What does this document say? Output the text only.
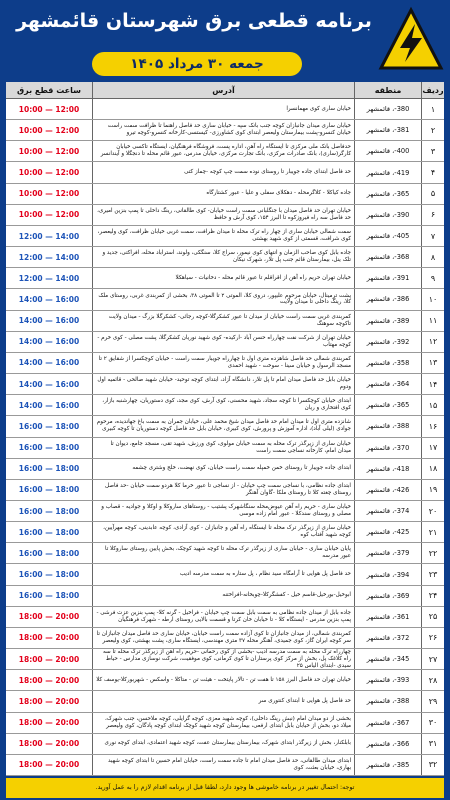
برنامه قطعی برق شهرستان قائمشهر
جمعه ۳۰ مرداد ۱۴۰۵
ردیف
منطقه
آدرس
ساعت قطع برق
۱
380-، قائمشهر
خیابان ساری کوی مهمانسرا
10:00 — 12:00
۲
381-، قائمشهر
خیابان ساری میدان جانبازان کوچه جنب بانک سپه - خیابان ساری حد فاصل راهنما تا ظرافت سمت راست خیابان کنسرو-پشت بیمارستان ولیعصر ابتدای کوی کشاورزی- کیستسی-کارخانه کنسرو-کوچه تیرو
10:00 — 12:00
۳
400-، قائمشهر
حدفاصل بانک ملی مرکزی تا ایستگاه راه آهن، اداره پست، فروشگاه فرهنگیان، ایستگاه تاکسی خیابان کارگر(ساری)، بانک صادرات مرکزی، بانک تجارت مرکزی، خیابان مدرس، عبور قائم محله تا دنجگلا و آیندانسر
10:00 — 12:00
۴
419-، قائمشهر
حد فاصل ابتدای جاده جویبار تا روستای نوده سمت چپ کوچه -چماز کتی
10:00 — 12:00
۵
365-، قائمشهر
جاده کیاکلا - کلاگرمحله - دهکلای سفلی و علیا - عبور کشتارگاه
10:00 — 12:00
۶
390-، قائمشهر
خیابان تهران حد فاصل میدان با جنگلبانی سمت راست خیابان- کوی طالقانی، رینگ داخلی تا پمپ بنزین امیری، حد فاصل سه راه فیروزکوه تا البرز ۱۵۴، کوی آرش و حافظ
10:00 — 12:00
۷
405-، قائمشهر
سمت شمالی خیابان ساری از چهار راه ترک محله تا میدان ظرافت، سمت غربی خیابان ظرافت، کوی ولیعصر، کوی شرافت، قسمتی از کوی شهید بهشتی
12:00 — 14:00
۸
368-، قائمشهر
جاده بابل کوی صاحب الزمان و انتهای کوی نیمور، سراج کلا، سنگکی، ولوند، استراباد محله، افراکتی، جدید و تلک ینل، بیمارستان قائم جنب پل تلار، شهرک نیکان
12:00 — 14:00
۹
391-، قائمشهر
خیابان تهران حریم راه آهن از اقراقلم تا عبور قائم محله - دخانیات - سیاهکلا
12:00 — 14:00
۱۰
386-، قائمشهر
پشت ترمینال، خیابان مرحوم علیپور، دروی کلا، الموتی ۲ تا الموتی ۳۸، بخشی از کمربندی غربی، روستای ملک کلا، رینگ داخلی تا میدان ولایت
14:00 — 16:00
۱۱
389-، قائمشهر
کمربندی غربی سمت راست خیابان از میدان تا عبور کشکرگلا-کوچه رجائی- کشکرگلا بزرگ - میدان ولایت تاکوچه سوهنگ
14:00 — 16:00
۱۲
392-، قائمشهر
خیابان تهران از شرکت نفت چهارراه حسن آباد -ارکیده- کوی شهید نوریان کشکرگلا، پشت مصلی - کوی خرم - کوچه مهتاب
14:00 — 16:00
۱۳
358-، قائمشهر
کمربندی شمالی حد فاصل شاهزده متری اول تا چهارراه جویبار سمت راست - خیابان کوچکسرا از شقایق ۲ تا مسجد الرسول و خیابان سینا - سوخت - شهید احمدی
14:00 — 16:00
۱۴
364-، قائمشهر
خیابان بابل حد فاصل میدان امام تا پل تلار، دانشگاه آزاد، ابتدای کوچه توحید- خیابان شهید صالحی - قائمیه اول ودوم
14:00 — 16:00
۱۵
365-، قائمشهر
ابتدای خیابان کوچکسرا تا کوچه سجاد، شهید محسنی، کوی آرش، کوی مجد، کوی دستوریان، چهارشنبه بازار، کوی افتخاری و ریان
14:00 — 16:00
۱۶
388-، قائمشهر
شانزده متری اول تا میدان امام حد فاصل میدان شیخ محمد علی، خیابان جمران به سمت باغ جهاندیده، مرحوم جوادی (لیلی آباد)، اداره آموزش و پرورش، کوی کبیری، خیابان بابل حد فاصل کوچه دستوریان تا کوچه کبیری
16:00 — 18:00
۱۷
370-، قائمشهر
خیابان ساری از زیرگذر ترک محله به سمت خیابان مولوی، کوی ورزش، شهید تقی، مسجد جامع، دیوان تا میدان امام، کارخانه نساجی سمت راست
16:00 — 18:00
۱۸
418-، قائمشهر
ابتدای جاده جویبار تا روستای خمن خمپله سمت راست خیابان، کوی نهضت، خلج وشتری چشمه
16:00 — 18:00
۱۹
426-، قائمشهر
ابتدای جاده نظامی، با نساجی سمت چپ خیابان - از نساجی تا عبور خرما کلا هردو سمت خیابان -حد فاصل روستای چغته کلا تا روستای ملکا -گاوان آهنگر
16:00 — 18:00
۲۰
374-، قائمشهر
خیابان ساری - حریم راه آهن عیوض‌محله سنگاشهرک پشتیب - روستاهای ساروکلا و اوکلا و جوادیه - قصاب و مصلی و روستای سندکلا - عبور امام زاده موسی
16:00 — 18:00
۲۱
425-، قائمشهر
خیابان ساری از زیرگذر ترک محله تا ایستگاه راه آهن و جانبازان - کوی آزادی، کوچه عابدینی، کوچه مهرآیین، کوچه شهید آفتاب کوه
16:00 — 18:00
۲۲
379-، قائمشهر
پایان خیابان ساری - خیابان ساری از زیرگذر ترک محله تا کوچه شهید کوچک، بخش پایین روستای ساروکلا تا عبور مدرسه
16:00 — 18:00
۲۳
394-، قائمشهر
حد فاصل پل هوایی تا آرامگاه سید نظام ، پل ستاره به سمت مدرسه ادیب
16:00 — 18:00
۲۴
369-، قائمشهر
ابوخیل-بورخیل-قاسم خیل - کفشگرکلا-چوبخانه-افراختنه
16:00 — 18:00
۲۵
361-، قائمشهر
جاده بابل از میدان جاده نظامی به سمت بابل سمت چپ خیابان - فراخیل - گرنه کلا- پمپ بنزین عزت فرشی - پمپ بنزین مدرس - ایستگاه کلا - تا خیابان خان کرتا و قسمت بالایی روستای ارطه - شهرک فرهنگیان
18:00 — 20:00
۲۶
372-، قائمشهر
کمربندی شمالی، از میدان جانبازان تا کوی آزاده سمت راست خیابان، خیابان ساری حد فاصل میدان جانبازان تا سر کوچه ایران گاز، کوی جمیدی، آهنگر محله ۳۷ متری مهندسی، ایستگاه ساری، پشت بهشتی، کوی ولیعصر
18:00 — 20:00
۲۷
345-، قائمشهر
چهارراه ترک محله به سمت مدرسه ادیب -بخشی از کوی رحمانی -حریم راه آهن از زیرگذر ترک محله تا سه راه کلاغک پل، بخش از مرکز کوی پرستاران تا کوی کرمانی، کوی موفقیت، شرکت نوسازی مدارس - حیاط سیدی -ابتدای الیاس ۲۵
18:00 — 20:00
۲۸
393-، قائمشهر
خیابان تهران حد فاصل البرز ۱۵۸ تا هفت تن - تالار پایتخت - هیئت تن - متاکلا - واسکس - شهربورکلا-یوسف کلا
18:00 — 20:00
۲۹
388-، قائمشهر
حد فاصل پل هوایی تا ابتدای کنتوری سر
18:00 — 20:00
۳۰
367-، قائمشهر
بخشی از دو میدان امام (نبش رینگ داخلی)، کوچه شهید معزی، کوچه گرایلی، کوچه ملاحسن، جنب شهرک، میلاد دو، بخش از خیابان بابل ابتدای ارفعی، بیمارستان کوچه شهید کوچک ابتدای کوچه پادگان، کوی ولیعصر
18:00 — 20:00
۳۱
366-، قائمشهر
بابلکنار، بخش از زیرگذر ابتدای شهرک، بیمارستان بیمارستان عفت، کوچه شهید اعتمادی، ابتدای کوچه نوری
18:00 — 20:00
۳۲
385-، قائمشهر
ابتدای میدان طالقانی، حد فاصل میدان امام تا جاده سمت راست، خیابان امام حسین تا ابتدای کوچه شهید بهاری، خیابان بعثت، کوی
18:00 — 20:00
توجه: احتمال تغییر در برنامه خاموشی ها وجود دارد، لطفا قبل از برنامه اقدام لازم را به عمل آورید.
